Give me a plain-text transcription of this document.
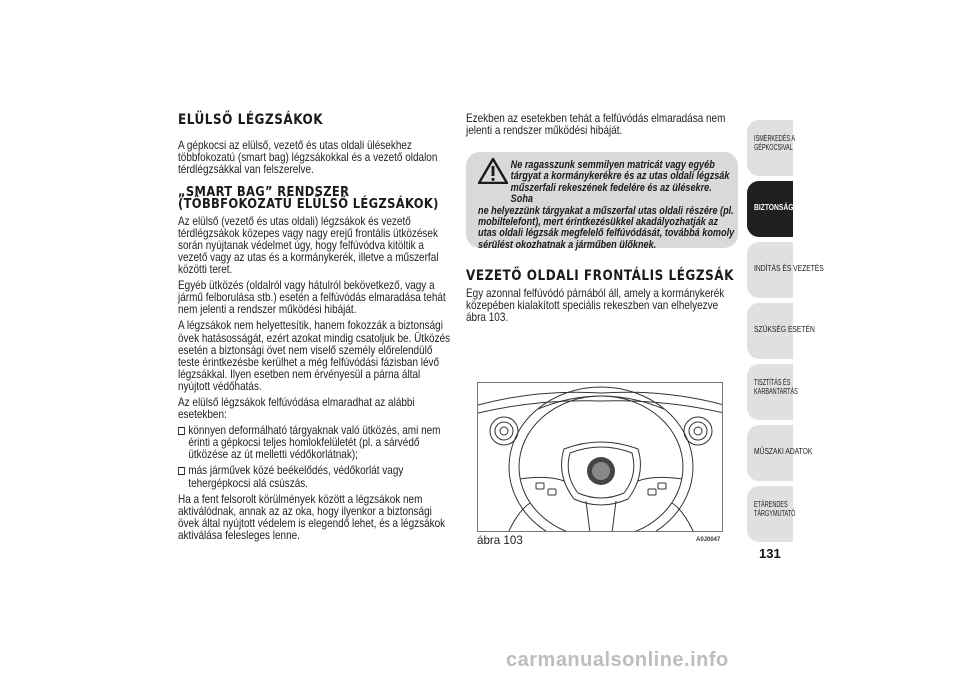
ELÜLSŐ LÉGZSÁKOK

A gépkocsi az elülső, vezető és utas oldali ülésekhez többfokozatú (smart bag) légzsákokkal és a vezető oldalon térdlégzsákkal van felszerelve.

„SMART BAG” RENDSZER (TÖBBFOKOZATÚ ELÜLSŐ LÉGZSÁKOK)

Az elülső (vezető és utas oldali) légzsákok és vezető térdlégzsákok közepes vagy nagy erejű frontális ütközések során nyújtanak védelmet úgy, hogy felfúvódva kitöltik a vezető vagy az utas és a kormánykerék, illetve a műszerfal közötti teret.

Egyéb ütközés (oldalról vagy hátulról bekövetkező, vagy a jármű felborulása stb.) esetén a felfúvódás elmaradása tehát nem jelenti a rendszer működési hibáját.

A légzsákok nem helyettesítik, hanem fokozzák a biztonsági övek hatásosságát, ezért azokat mindig csatoljuk be. Ütközés esetén a biztonsági övet nem viselő személy előrelendülő teste érintkezésbe kerülhet a még felfúvódási fázisban lévő légzsákkal. Ilyen esetben nem érvényesül a párna által nyújtott védőhatás.

Az elülső légzsákok felfúvódása elmaradhat az alábbi esetekben:

könnyen deformálható tárgyaknak való ütközés, ami nem érinti a gépkocsi teljes homlokfelületét (pl. a sárvédő ütközése az út melletti védőkorlátnak);
más járművek közé beékelődés, védőkorlát vagy tehergépkocsi alá csúszás.

Ha a fent felsorolt körülmények között a légzsákok nem aktiválódnak, annak az az oka, hogy ilyenkor a biztonsági övek által nyújtott védelem is elegendő lehet, és a légzsákok aktiválása felesleges lenne.

Ezekben az esetekben tehát a felfúvódás elmaradása nem jelenti a rendszer működési hibáját.

Ne ragasszunk semmilyen matricát vagy egyéb
tárgyat a kormánykerékre és az utas oldali légzsák
műszerfali rekeszének fedelére és az ülésekre. Soha
ne helyezzünk tárgyakat a műszerfal utas oldali részére (pl. mobiltelefont), mert érintkezésükkel akadályozhatják az utas oldali légzsák megfelelő felfúvódását, továbbá komoly sérülést okozhatnak a járműben ülőknek.
VEZETŐ OLDALI FRONTÁLIS LÉGZSÁK

Egy azonnal felfúvódó párnából áll, amely a kormánykerék közepében kialakított speciális rekeszben van elhelyezve ábra 103.

ábra 103	A0J0047
ISMERKEDÉS A
GÉPKOCSIVAL
BIZTONSÁG
INDÍTÁS ÉS VEZETÉS
SZÜKSÉG ESETÉN
TISZTÍTÁS ÉS
KARBANTARTÁS
MŰSZAKI ADATOK
ETÁRENDES
TÁRGYMUTATÓ
131
carmanualsonline.info
